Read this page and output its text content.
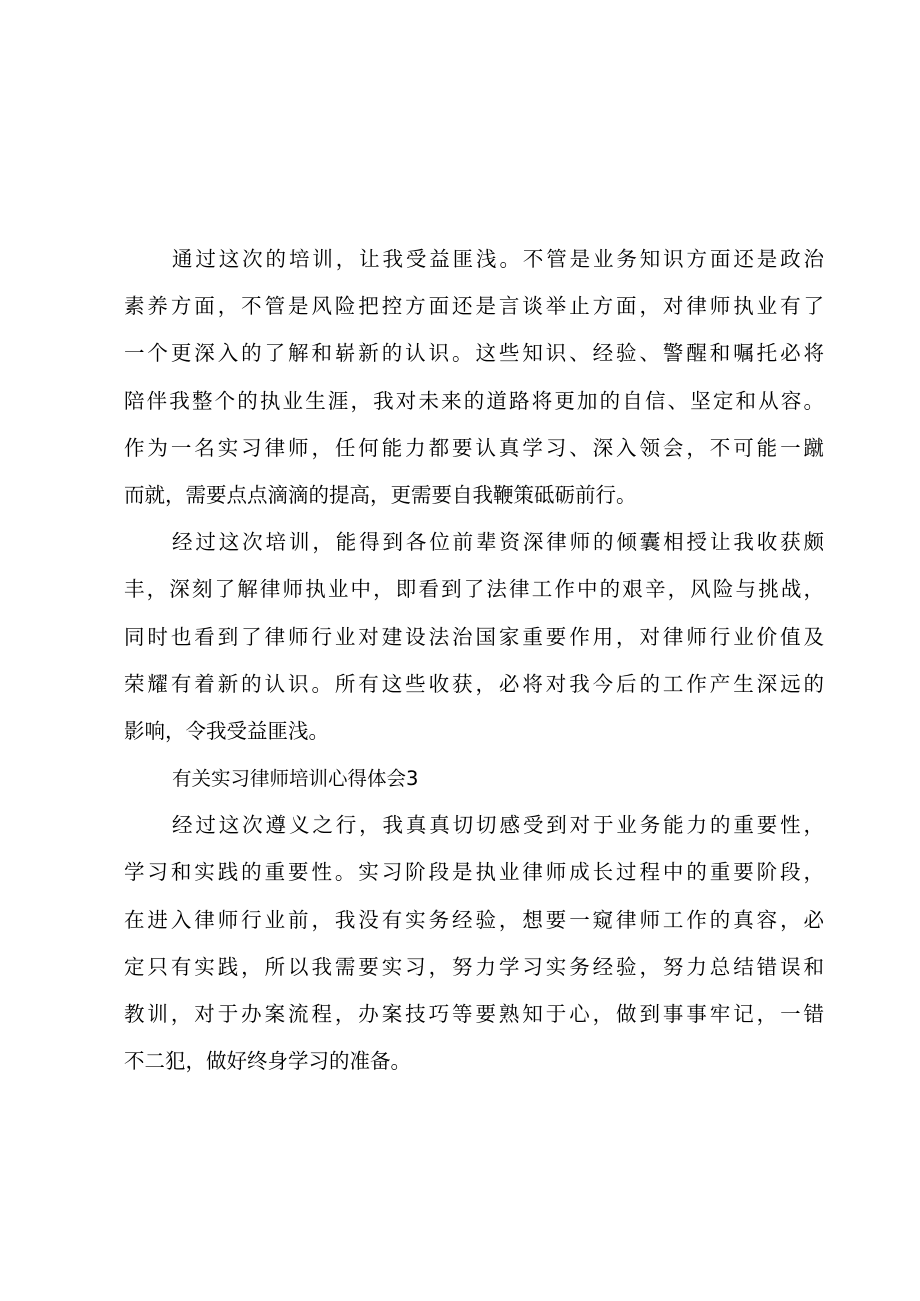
通过这次的培训，让我受益匪浅。不管是业务知识方面还是政治
素养方面，不管是风险把控方面还是言谈举止方面，对律师执业有了
一个更深入的了解和崭新的认识。这些知识、经验、警醒和嘱托必将
陪伴我整个的执业生涯，我对未来的道路将更加的自信、坚定和从容。
作为一名实习律师，任何能力都要认真学习、深入领会，不可能一蹴
而就，需要点点滴滴的提高，更需要自我鞭策砥砺前行。
经过这次培训，能得到各位前辈资深律师的倾囊相授让我收获颇
丰，深刻了解律师执业中，即看到了法律工作中的艰辛，风险与挑战，
同时也看到了律师行业对建设法治国家重要作用，对律师行业价值及
荣耀有着新的认识。所有这些收获，必将对我今后的工作产生深远的
影响，令我受益匪浅。
有关实习律师培训心得体会3
经过这次遵义之行，我真真切切感受到对于业务能力的重要性，
学习和实践的重要性。实习阶段是执业律师成长过程中的重要阶段，
在进入律师行业前，我没有实务经验，想要一窥律师工作的真容，必
定只有实践，所以我需要实习，努力学习实务经验，努力总结错误和
教训，对于办案流程，办案技巧等要熟知于心，做到事事牢记，一错
不二犯，做好终身学习的准备。
